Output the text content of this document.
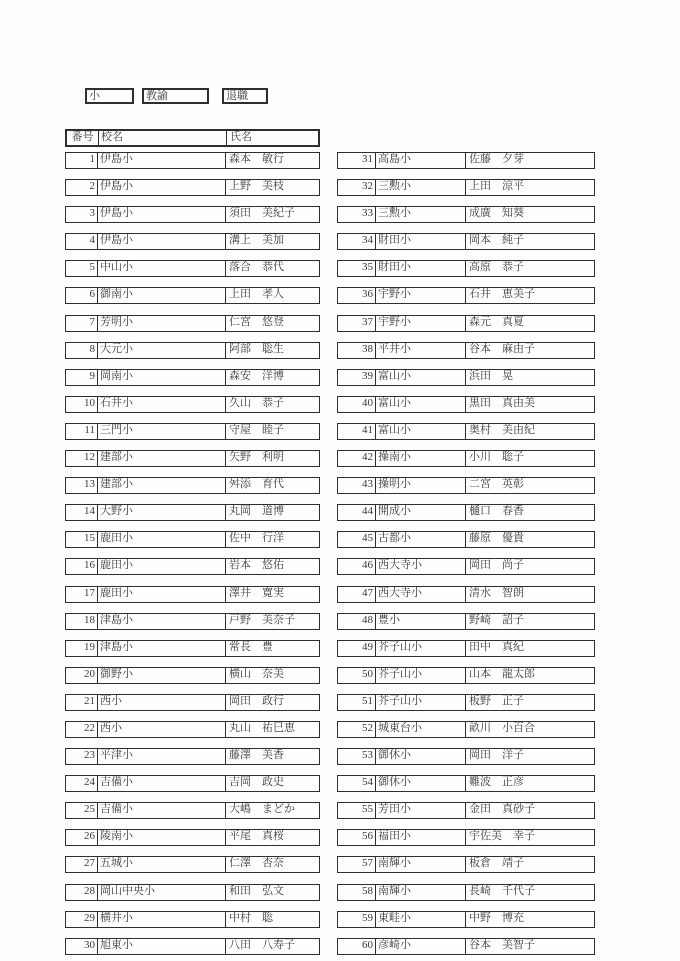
小	教諭	退職
番号 校名	氏名
1 伊島小	森本　敏行
2 伊島小	上野　美枝
3 伊島小	須田　美紀子
4 伊島小	溝上　美加
5 中山小	落合　恭代
6 御南小	上田　孝人
7 芳明小	仁宮　悠登
8 大元小	阿部　聡生
9 岡南小	森安　洋博
10 石井小	久山　恭子
11 三門小	守屋　睦子
12 建部小	矢野　利明
13 建部小	舛添　育代
14 大野小	丸岡　道博
15 鹿田小	佐中　行洋
16 鹿田小	岩本　悠佑
17 鹿田小	澤井　寛実
18 津島小	戸野　美奈子
19 津島小	常長　豊
20 御野小	横山　奈美
21 西小	岡田　政行
22 西小	丸山　祐巳恵
23 平津小	藤澤　美香
24 吉備小	吉岡　政史
25 吉備小	大嶋　まどか
26 陵南小	平尾　真桜
27 五城小	仁澤　杏奈
28 岡山中央小	和田　弘文
29 横井小	中村　聡
30 旭東小	八田　八寿子
31 高島小	佐藤　夕芽
32 三勲小	上田　涼平
33 三勲小	成廣　知葵
34 財田小	岡本　純子
35 財田小	高原　恭子
36 宇野小	石井　恵美子
37 宇野小	森元　真夏
38 平井小	谷本　麻由子
39 富山小	浜田　晃
40 富山小	黒田　真由美
41 富山小	奥村　美由紀
42 操南小	小川　聡子
43 操明小	二宮　英彰
44 開成小	樋口　春香
45 古都小	藤原　優貴
46 西大寺小	岡田　尚子
47 西大寺小	清水　智朗
48 豊小	野崎　詔子
49 芥子山小	田中　真紀
50 芥子山小	山本　龍太郎
51 芥子山小	板野　正子
52 城東台小	畝川　小百合
53 御休小	岡田　洋子
54 御休小	難波　正彦
55 芳田小	金田　真砂子
56 福田小	宇佐美　幸子
57 南輝小	板倉　靖子
58 南輝小	長崎　千代子
59 東畦小	中野　博充
60 彦崎小	谷本　美智子
